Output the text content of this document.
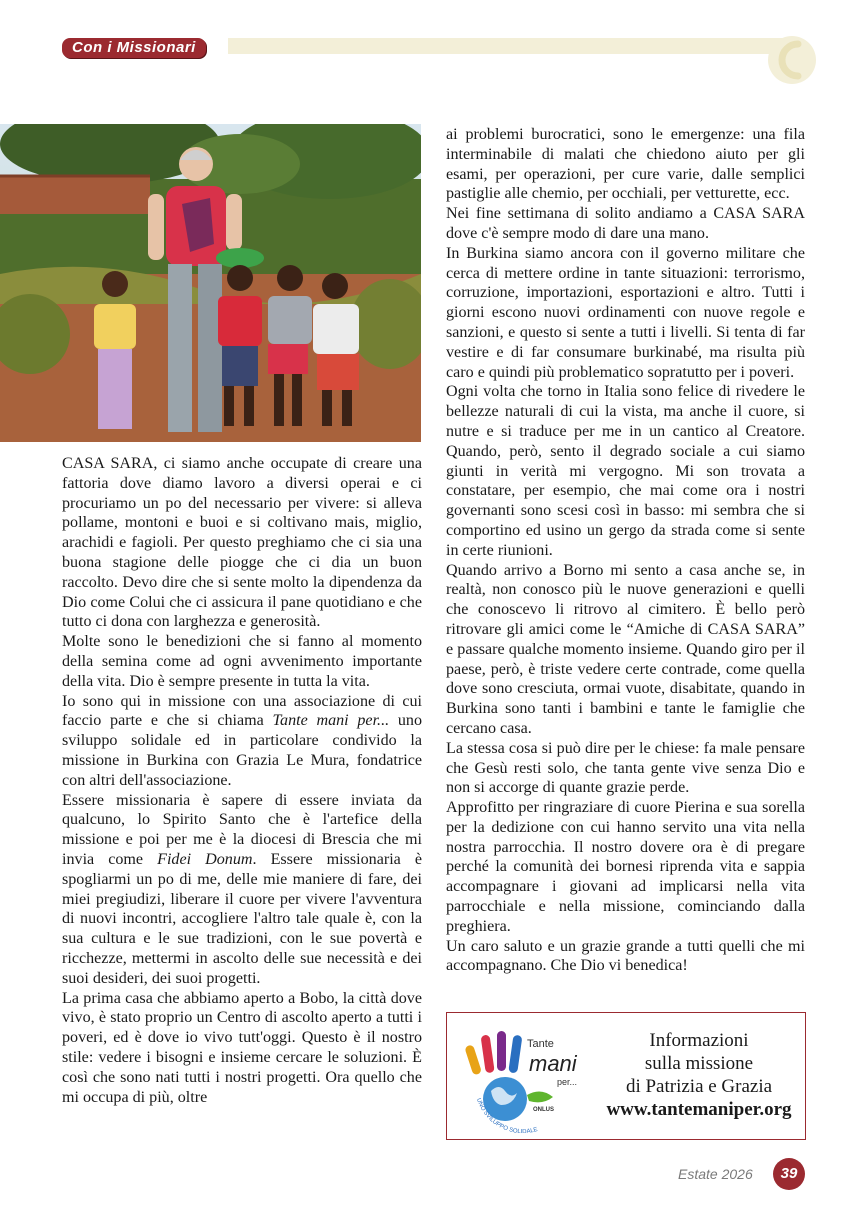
Con i Missionari

CASA SARA, ci siamo anche occupate di creare una fattoria dove diamo lavoro a diversi operai e ci procuriamo un po del necessario per vivere: si alleva pollame, montoni e buoi e si coltivano mais, miglio, arachidi e fagioli. Per questo preghiamo che ci sia una buona stagione delle piogge che ci dia un buon raccolto. Devo dire che si sente molto la dipendenza da Dio come Colui che ci assicura il pane quotidiano e che tutto ci dona con larghezza e generosità.

Molte sono le benedizioni che si fanno al momento della semina come ad ogni avvenimento importante della vita. Dio è sempre presente in tutta la vita.

Io sono qui in missione con una associazione di cui faccio parte e che si chiama Tante mani per... uno sviluppo solidale ed in particolare condivido la missione in Burkina con Grazia Le Mura, fondatrice con altri dell'associazione.

Essere missionaria è sapere di essere inviata da qualcuno, lo Spirito Santo che è l'artefice della missione e poi per me è la diocesi di Brescia che mi invia come Fidei Donum. Essere missionaria è spogliarmi un po di me, delle mie maniere di fare, dei miei pregiudizi, liberare il cuore per vivere l'avventura di nuovi incontri, accogliere l'altro tale quale è, con la sua cultura e le sue tradizioni, con le sue povertà e ricchezze, mettermi in ascolto delle sue necessità e dei suoi desideri, dei suoi progetti.

La prima casa che abbiamo aperto a Bobo, la città dove vivo, è stato proprio un Centro di ascolto aperto a tutti i poveri, ed è dove io vivo tutt'oggi. Questo è il nostro stile: vedere i bisogni e insieme cercare le soluzioni. È così che sono nati tutti i nostri progetti. Ora quello che mi occupa di più, oltre

ai problemi burocratici, sono le emergenze: una fila interminabile di malati che chiedono aiuto per gli esami, per operazioni, per cure varie, dalle semplici pastiglie alle chemio, per occhiali, per vetturette, ecc.

Nei fine settimana di solito andiamo a CASA SARA dove c'è sempre modo di dare una mano.

In Burkina siamo ancora con il governo militare che cerca di mettere ordine in tante situazioni: terrorismo, corruzione, importazioni, esportazioni e altro. Tutti i giorni escono nuovi ordinamenti con nuove regole e sanzioni, e questo si sente a tutti i livelli. Si tenta di far vestire e di far consumare burkinabé, ma risulta più caro e quindi più problematico sopratutto per i poveri.

Ogni volta che torno in Italia sono felice di rivedere le bellezze naturali di cui la vista, ma anche il cuore, si nutre e si traduce per me in un cantico al Creatore. Quando, però, sento il degrado sociale a cui siamo giunti in verità mi vergogno. Mi son trovata a constatare, per esempio, che mai come ora i nostri governanti sono scesi così in basso: mi sembra che si comportino ed usino un gergo da strada come si sente in certe riunioni.

Quando arrivo a Borno mi sento a casa anche se, in realtà, non conosco più le nuove generazioni e quelli che conoscevo li ritrovo al cimitero. È bello però ritrovare gli amici come le “Amiche di CASA SARA” e passare qualche momento insieme. Quando giro per il paese, però, è triste vedere certe contrade, come quella dove sono cresciuta, ormai vuote, disabitate, quando in Burkina sono tanti i bambini e tante le famiglie che cercano casa.

La stessa cosa si può dire per le chiese: fa male pensare che Gesù resti solo, che tanta gente vive senza Dio e non si accorge di quante grazie perde.

Approfitto per ringraziare di cuore Pierina e sua sorella per la dedizione con cui hanno servito una vita nella nostra parrocchia. Il nostro dovere ora è di pregare perché la comunità dei bornesi riprenda vita e sappia accompagnare i giovani ad implicarsi nella vita parrocchiale e nella missione, cominciando dalla preghiera.

Un caro saluto e un grazie grande a tutti quelli che mi accompagnano. Che Dio vi benedica!

Tante
mani
per...
ONLUS
UNO SVILUPPO SOLIDALE
Informazioni
sulla missione
di Patrizia e Grazia
www.tantemaniper.org
Estate 2026	39
